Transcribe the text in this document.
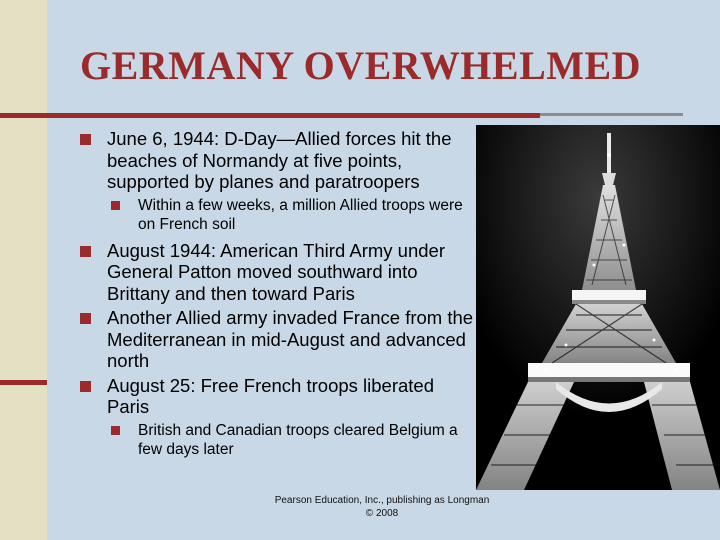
GERMANY OVERWHELMED
June 6, 1944: D-Day—Allied forces hit the beaches of Normandy at five points, supported by planes and paratroopers
Within a few weeks, a million Allied troops were on French soil
August 1944: American Third Army under General Patton moved southward into Brittany and then toward Paris
Another Allied army invaded France from the Mediterranean in mid-August and advanced north
August 25: Free French troops liberated Paris
British and Canadian troops cleared Belgium a few days later
Pearson Education, Inc., publishing as Longman
© 2008
